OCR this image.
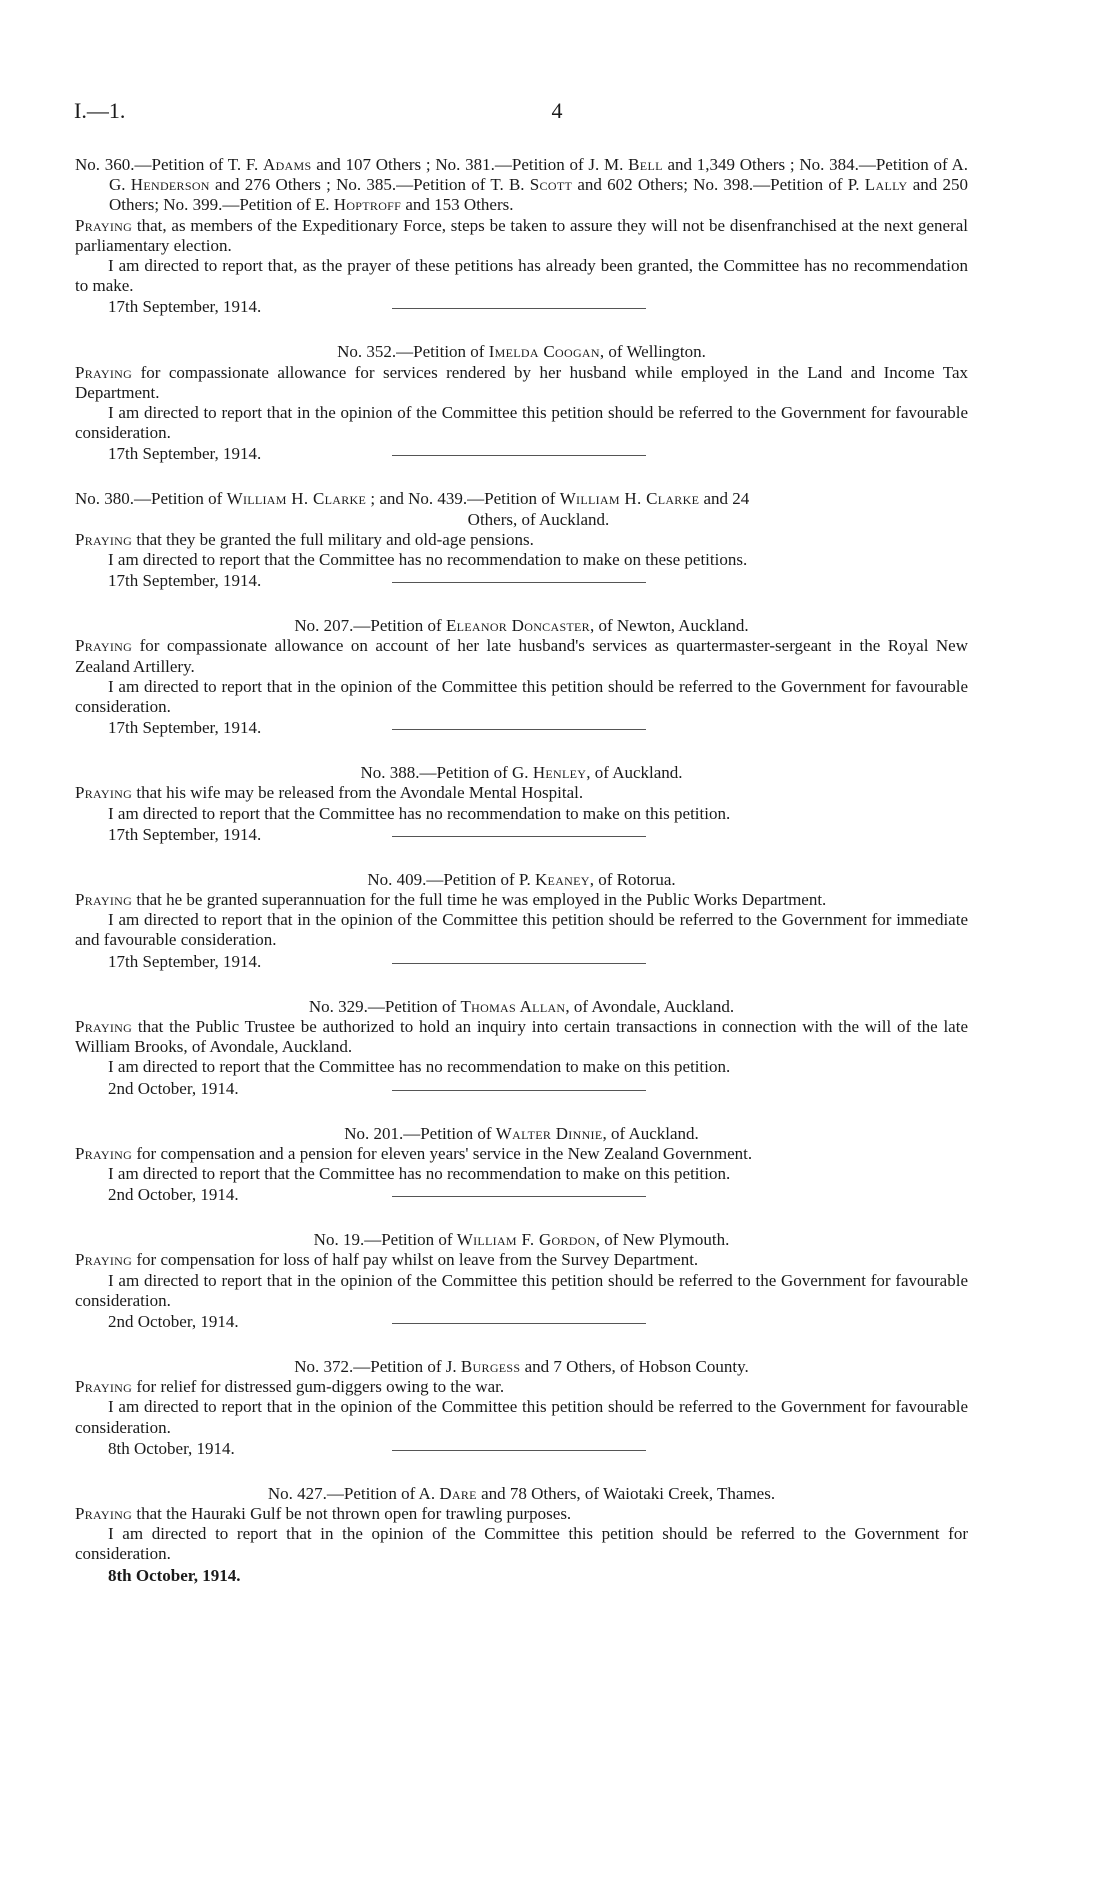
I.—1.	4

No. 360.—Petition of T. F. Adams and 107 Others ; No. 381.—Petition of J. M. Bell and 1,349 Others ; No. 384.—Petition of A. G. Henderson and 276 Others ; No. 385.—Petition of T. B. Scott and 602 Others; No. 398.—Petition of P. Lally and 250 Others; No. 399.—Petition of E. Hoptroff and 153 Others.

Praying that, as members of the Expeditionary Force, steps be taken to assure they will not be disenfranchised at the next general parliamentary election.

I am directed to report that, as the prayer of these petitions has already been granted, the Committee has no recommendation to make.

17th September, 1914.

No. 352.—Petition of Imelda Coogan, of Wellington.

Praying for compassionate allowance for services rendered by her husband while employed in the Land and Income Tax Department.

I am directed to report that in the opinion of the Committee this petition should be referred to the Government for favourable consideration.

17th September, 1914.

No. 380.—Petition of William H. Clarke ; and No. 439.—Petition of William H. Clarke and 24
Others, of Auckland.

Praying that they be granted the full military and old-age pensions.

I am directed to report that the Committee has no recommendation to make on these petitions.

17th September, 1914.

No. 207.—Petition of Eleanor Doncaster, of Newton, Auckland.

Praying for compassionate allowance on account of her late husband's services as quartermaster-sergeant in the Royal New Zealand Artillery.

I am directed to report that in the opinion of the Committee this petition should be referred to the Government for favourable consideration.

17th September, 1914.

No. 388.—Petition of G. Henley, of Auckland.

Praying that his wife may be released from the Avondale Mental Hospital.

I am directed to report that the Committee has no recommendation to make on this petition.

17th September, 1914.

No. 409.—Petition of P. Keaney, of Rotorua.

Praying that he be granted superannuation for the full time he was employed in the Public Works Department.

I am directed to report that in the opinion of the Committee this petition should be referred to the Government for immediate and favourable consideration.

17th September, 1914.

No. 329.—Petition of Thomas Allan, of Avondale, Auckland.

Praying that the Public Trustee be authorized to hold an inquiry into certain transactions in connection with the will of the late William Brooks, of Avondale, Auckland.

I am directed to report that the Committee has no recommendation to make on this petition.

2nd October, 1914.

No. 201.—Petition of Walter Dinnie, of Auckland.

Praying for compensation and a pension for eleven years' service in the New Zealand Government.

I am directed to report that the Committee has no recommendation to make on this petition.

2nd October, 1914.

No. 19.—Petition of William F. Gordon, of New Plymouth.

Praying for compensation for loss of half pay whilst on leave from the Survey Department.

I am directed to report that in the opinion of the Committee this petition should be referred to the Government for favourable consideration.

2nd October, 1914.

No. 372.—Petition of J. Burgess and 7 Others, of Hobson County.

Praying for relief for distressed gum-diggers owing to the war.

I am directed to report that in the opinion of the Committee this petition should be referred to the Government for favourable consideration.

8th October, 1914.

No. 427.—Petition of A. Dare and 78 Others, of Waiotaki Creek, Thames.

Praying that the Hauraki Gulf be not thrown open for trawling purposes.

I am directed to report that in the opinion of the Committee this petition should be referred to the Government for consideration.

8th October, 1914.
